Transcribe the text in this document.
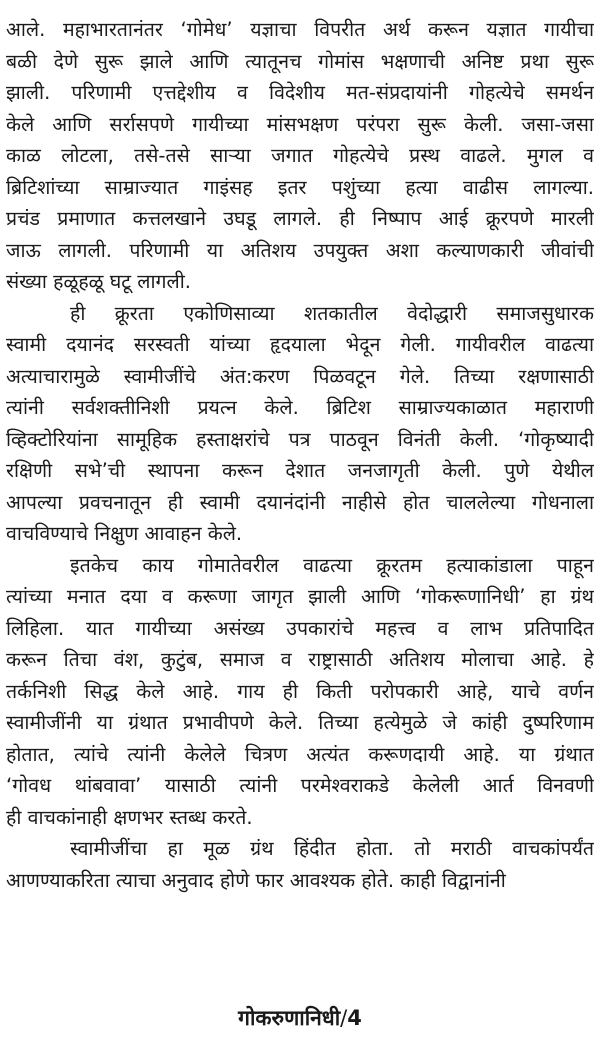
आले. महाभारतानंतर ‘गोमेध’ यज्ञाचा विपरीत अर्थ करून यज्ञात गायीचा
बळी देणे सुरू झाले आणि त्यातूनच गोमांस भक्षणाची अनिष्ट प्रथा सुरू
झाली. परिणामी एत्तद्देशीय व विदेशीय मत-संप्रदायांनी गोहत्येचे समर्थन
केले आणि सर्रासपणे गायीच्या मांसभक्षण परंपरा सुरू केली. जसा-जसा
काळ लोटला, तसे-तसे साऱ्या जगात गोहत्येचे प्रस्थ वाढले. मुगल व
ब्रिटिशांच्या साम्राज्यात गाइंसह इतर पशुंच्या हत्या वाढीस लागल्या.
प्रचंड प्रमाणात कत्तलखाने उघडू लागले. ही निष्पाप आई क्रूरपणे मारली
जाऊ लागली. परिणामी या अतिशय उपयुक्त अशा कल्याणकारी जीवांची
संख्या हळूहळू घटू लागली.
ही क्रूरता एकोणिसाव्या शतकातील वेदोद्धारी समाजसुधारक
स्वामी दयानंद सरस्वती यांच्या हृदयाला भेदून गेली. गायीवरील वाढत्या
अत्याचारामुळे स्वामीजींचे अंत:करण पिळवटून गेले. तिच्या रक्षणासाठी
त्यांनी सर्वशक्तीनिशी प्रयत्न केले. ब्रिटिश साम्राज्यकाळात महाराणी
व्हिक्टोरियांना सामूहिक हस्ताक्षरांचे पत्र पाठवून विनंती केली. ‘गोकृष्यादी
रक्षिणी सभे’ची स्थापना करून देशात जनजागृती केली. पुणे येथील
आपल्या प्रवचनातून ही स्वामी दयानंदांनी नाहीसे होत चाललेल्या गोधनाला
वाचविण्याचे निक्षुण आवाहन केले.
इतकेच काय गोमातेवरील वाढत्या क्रूरतम हत्याकांडाला पाहून
त्यांच्या मनात दया व करूणा जागृत झाली आणि ‘गोकरूणानिधी’ हा ग्रंथ
लिहिला. यात गायीच्या असंख्य उपकारांचे महत्त्व व लाभ प्रतिपादित
करून तिचा वंश, कुटुंब, समाज व राष्ट्रासाठी अतिशय मोलाचा आहे. हे
तर्कनिशी सिद्ध केले आहे. गाय ही किती परोपकारी आहे, याचे वर्णन
स्वामीजींनी या ग्रंथात प्रभावीपणे केले. तिच्या हत्येमुळे जे कांही दुष्परिणाम
होतात, त्यांचे त्यांनी केलेले चित्रण अत्यंत करूणदायी आहे. या ग्रंथात
‘गोवध थांबवावा’ यासाठी त्यांनी परमेश्वराकडे केलेली आर्त विनवणी
ही वाचकांनाही क्षणभर स्तब्ध करते.
स्वामीजींचा हा मूळ ग्रंथ हिंदीत होता. तो मराठी वाचकांपर्यंत
आणण्याकरिता त्याचा अनुवाद होणे फार आवश्यक होते. काही विद्वानांनी
गोकरुणानिधी/4
